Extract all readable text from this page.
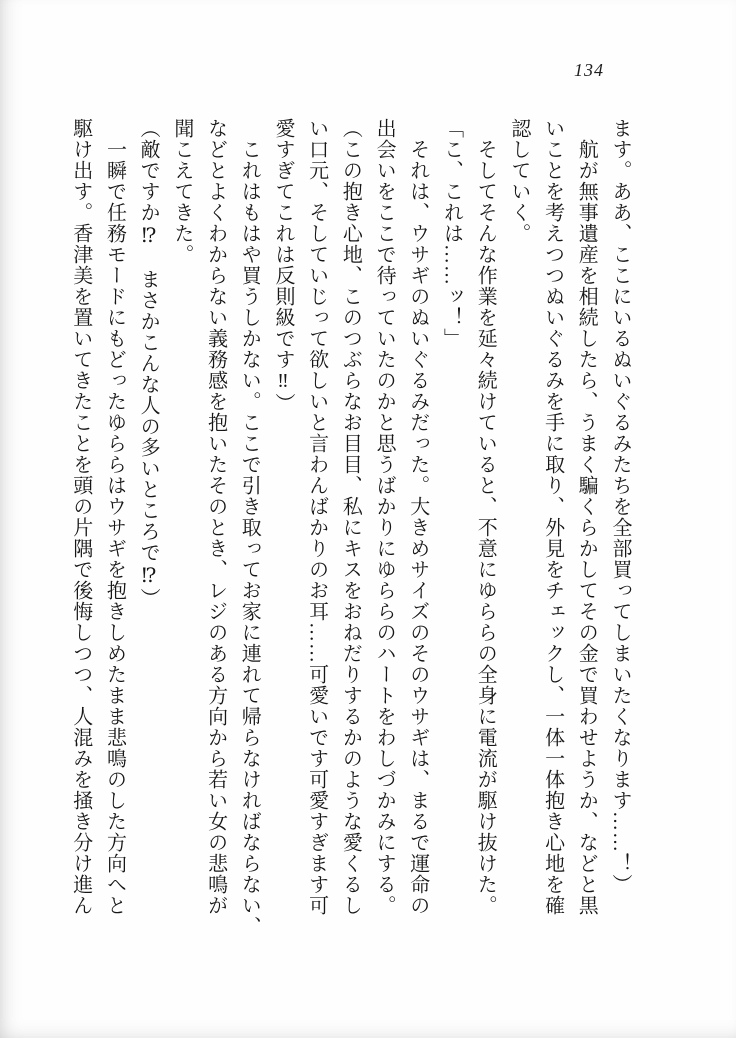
134
ます。ああ、ここにいるぬいぐるみたちを全部買ってしまいたくなります……！）
航が無事遺産を相続したら、うまく騙くらかしてその金で買わせようか、などと黒
いことを考えつつぬいぐるみを手に取り、外見をチェックし、一体一体抱き心地を確
認していく。
そしてそんな作業を延々続けていると、不意にゆららの全身に電流が駆け抜けた。
「こ、これは……ッ！」
それは、ウサギのぬいぐるみだった。大きめサイズのそのウサギは、まるで運命の
出会いをここで待っていたのかと思うばかりにゆららのハートをわしづかみにする。
（この抱き心地、このつぶらなお目目、私にキスをおねだりするかのような愛くるし
い口元、そしていじって欲しいと言わんばかりのお耳……可愛いです可愛すぎます可
愛すぎてこれは反則級です‼）
これはもはや買うしかない。ここで引き取ってお家に連れて帰らなければならない、
などとよくわからない義務感を抱いたそのとき、レジのある方向から若い女の悲鳴が
聞こえてきた。
（敵ですか⁉　まさかこんな人の多いところで⁉）
一瞬で任務モードにもどったゆららはウサギを抱きしめたまま悲鳴のした方向へと
駆け出す。香津美を置いてきたことを頭の片隅で後悔しつつ、人混みを掻き分け進ん
